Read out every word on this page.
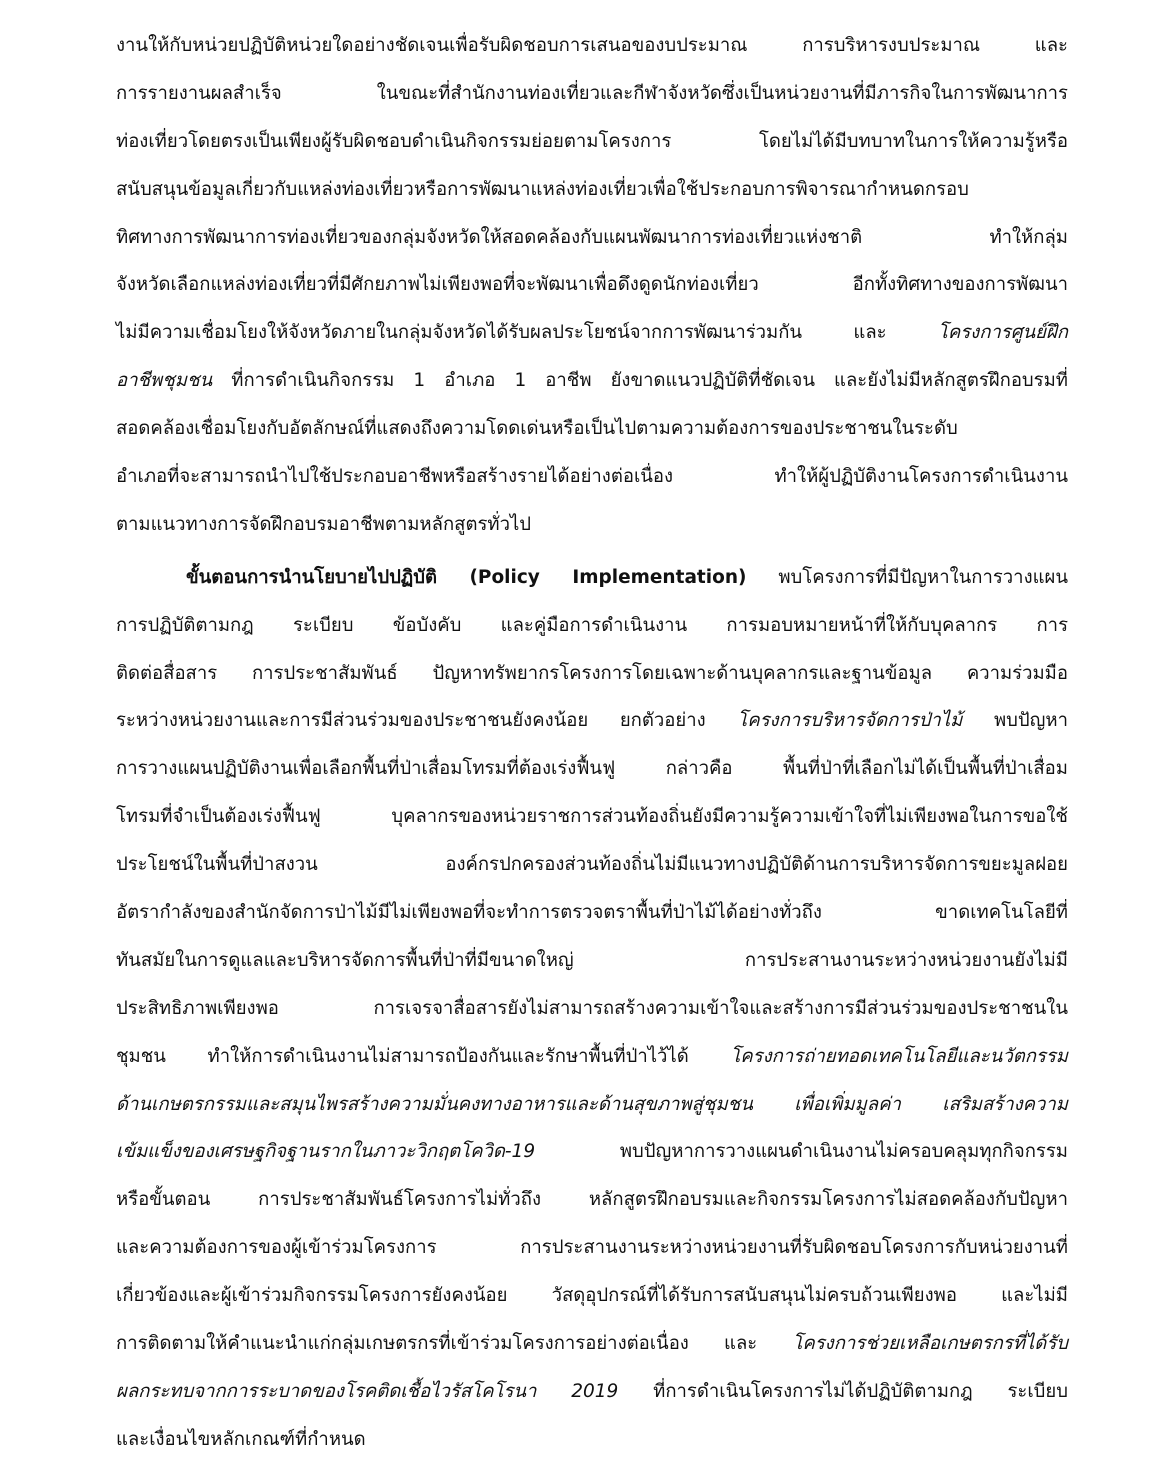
งานให้กับหน่วยปฏิบัติหน่วยใดอย่างชัดเจนเพื่อรับผิดชอบการเสนอของบประมาณ การบริหารงบประมาณ และ
การรายงานผลสำเร็จ ในขณะที่สำนักงานท่องเที่ยวและกีฬาจังหวัดซึ่งเป็นหน่วยงานที่มีภารกิจในการพัฒนาการ
ท่องเที่ยวโดยตรงเป็นเพียงผู้รับผิดชอบดำเนินกิจกรรมย่อยตามโครงการ โดยไม่ได้มีบทบาทในการให้ความรู้หรือ
สนับสนุนข้อมูลเกี่ยวกับแหล่งท่องเที่ยวหรือการพัฒนาแหล่งท่องเที่ยวเพื่อใช้ประกอบการพิจารณากำหนดกรอบ
ทิศทางการพัฒนาการท่องเที่ยวของกลุ่มจังหวัดให้สอดคล้องกับแผนพัฒนาการท่องเที่ยวแห่งชาติ ทำให้กลุ่ม
จังหวัดเลือกแหล่งท่องเที่ยวที่มีศักยภาพไม่เพียงพอที่จะพัฒนาเพื่อดึงดูดนักท่องเที่ยว อีกทั้งทิศทางของการพัฒนา
ไม่มีความเชื่อมโยงให้จังหวัดภายในกลุ่มจังหวัดได้รับผลประโยชน์จากการพัฒนาร่วมกัน และ โครงการศูนย์ฝึก
อาชีพชุมชน ที่การดำเนินกิจกรรม 1 อำเภอ 1 อาชีพ ยังขาดแนวปฏิบัติที่ชัดเจน และยังไม่มีหลักสูตรฝึกอบรมที่
สอดคล้องเชื่อมโยงกับอัตลักษณ์ที่แสดงถึงความโดดเด่นหรือเป็นไปตามความต้องการของประชาชนในระดับ
อำเภอที่จะสามารถนำไปใช้ประกอบอาชีพหรือสร้างรายได้อย่างต่อเนื่อง ทำให้ผู้ปฏิบัติงานโครงการดำเนินงาน
ตามแนวทางการจัดฝึกอบรมอาชีพตามหลักสูตรทั่วไป
ขั้นตอนการนำนโยบายไปปฏิบัติ (Policy Implementation) พบโครงการที่มีปัญหาในการวางแผน
การปฏิบัติตามกฎ ระเบียบ ข้อบังคับ และคู่มือการดำเนินงาน การมอบหมายหน้าที่ให้กับบุคลากร การ
ติดต่อสื่อสาร การประชาสัมพันธ์ ปัญหาทรัพยากรโครงการโดยเฉพาะด้านบุคลากรและฐานข้อมูล ความร่วมมือ
ระหว่างหน่วยงานและการมีส่วนร่วมของประชาชนยังคงน้อย ยกตัวอย่าง โครงการบริหารจัดการป่าไม้ พบปัญหา
การวางแผนปฏิบัติงานเพื่อเลือกพื้นที่ป่าเสื่อมโทรมที่ต้องเร่งฟื้นฟู กล่าวคือ พื้นที่ป่าที่เลือกไม่ได้เป็นพื้นที่ป่าเสื่อม
โทรมที่จำเป็นต้องเร่งฟื้นฟู บุคลากรของหน่วยราชการส่วนท้องถิ่นยังมีความรู้ความเข้าใจที่ไม่เพียงพอในการขอใช้
ประโยชน์ในพื้นที่ป่าสงวน องค์กรปกครองส่วนท้องถิ่นไม่มีแนวทางปฏิบัติด้านการบริหารจัดการขยะมูลฝอย
อัตรากำลังของสำนักจัดการป่าไม้มีไม่เพียงพอที่จะทำการตรวจตราพื้นที่ป่าไม้ได้อย่างทั่วถึง ขาดเทคโนโลยีที่
ทันสมัยในการดูแลและบริหารจัดการพื้นที่ป่าที่มีขนาดใหญ่ การประสานงานระหว่างหน่วยงานยังไม่มี
ประสิทธิภาพเพียงพอ การเจรจาสื่อสารยังไม่สามารถสร้างความเข้าใจและสร้างการมีส่วนร่วมของประชาชนใน
ชุมชน ทำให้การดำเนินงานไม่สามารถป้องกันและรักษาพื้นที่ป่าไว้ได้ โครงการถ่ายทอดเทคโนโลยีและนวัตกรรม
ด้านเกษตรกรรมและสมุนไพรสร้างความมั่นคงทางอาหารและด้านสุขภาพสู่ชุมชน เพื่อเพิ่มมูลค่า เสริมสร้างความ
เข้มแข็งของเศรษฐกิจฐานรากในภาวะวิกฤตโควิด-19 พบปัญหาการวางแผนดำเนินงานไม่ครอบคลุมทุกกิจกรรม
หรือขั้นตอน การประชาสัมพันธ์โครงการไม่ทั่วถึง หลักสูตรฝึกอบรมและกิจกรรมโครงการไม่สอดคล้องกับปัญหา
และความต้องการของผู้เข้าร่วมโครงการ การประสานงานระหว่างหน่วยงานที่รับผิดชอบโครงการกับหน่วยงานที่
เกี่ยวข้องและผู้เข้าร่วมกิจกรรมโครงการยังคงน้อย วัสดุอุปกรณ์ที่ได้รับการสนับสนุนไม่ครบถ้วนเพียงพอ และไม่มี
การติดตามให้คำแนะนำแก่กลุ่มเกษตรกรที่เข้าร่วมโครงการอย่างต่อเนื่อง และ โครงการช่วยเหลือเกษตรกรที่ได้รับ
ผลกระทบจากการระบาดของโรคติดเชื้อไวรัสโคโรนา 2019 ที่การดำเนินโครงการไม่ได้ปฏิบัติตามกฎ ระเบียบ
และเงื่อนไขหลักเกณฑ์ที่กำหนด
